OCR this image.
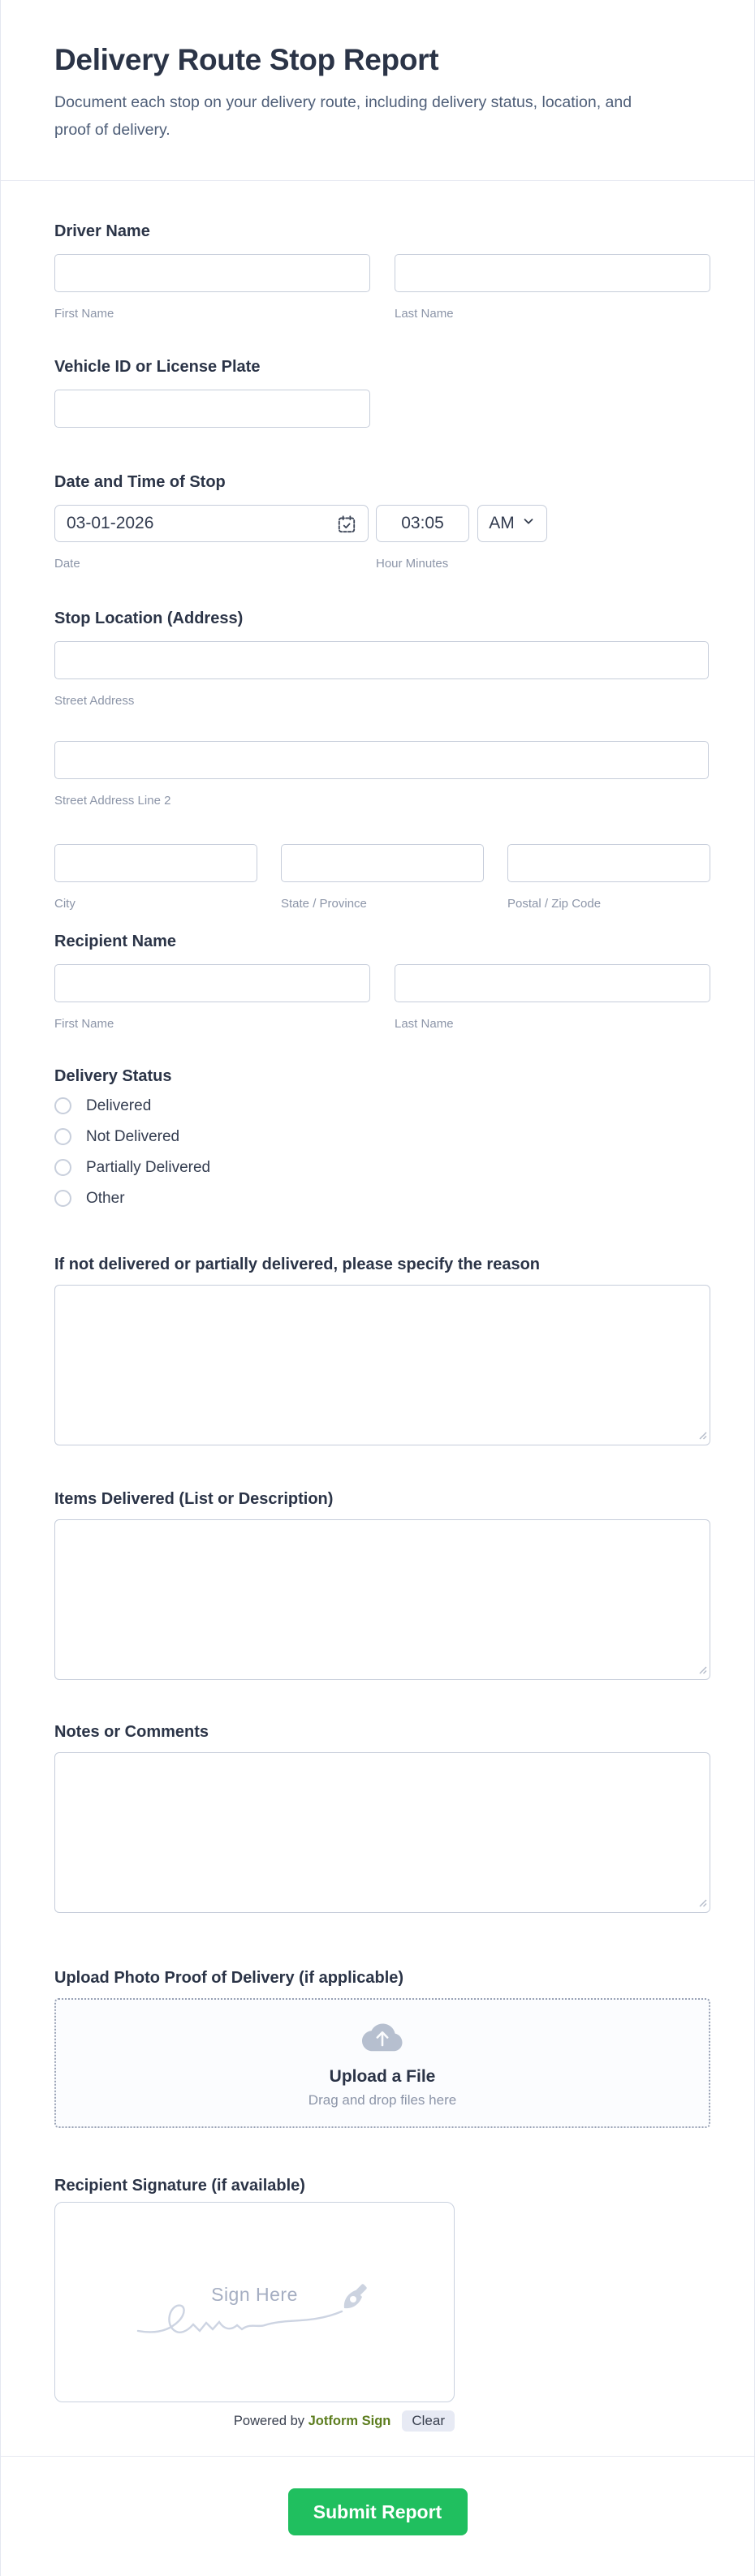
Delivery Route Stop Report
Document each stop on your delivery route, including delivery status, location, and
proof of delivery.
Driver Name
First Name	Last Name
Vehicle ID or License Plate
Date and Time of Stop
03-01-2026	03:05	AM
Date	Hour Minutes
Stop Location (Address)
Street Address
Street Address Line 2
City	State / Province	Postal / Zip Code
Recipient Name
First Name	Last Name
Delivery Status
Delivered
Not Delivered
Partially Delivered
Other
If not delivered or partially delivered, please specify the reason
Items Delivered (List or Description)
Notes or Comments
Upload Photo Proof of Delivery (if applicable)
Upload a File
Drag and drop files here
Recipient Signature (if available)
Sign Here
Powered by Jotform Sign	Clear
Submit Report
